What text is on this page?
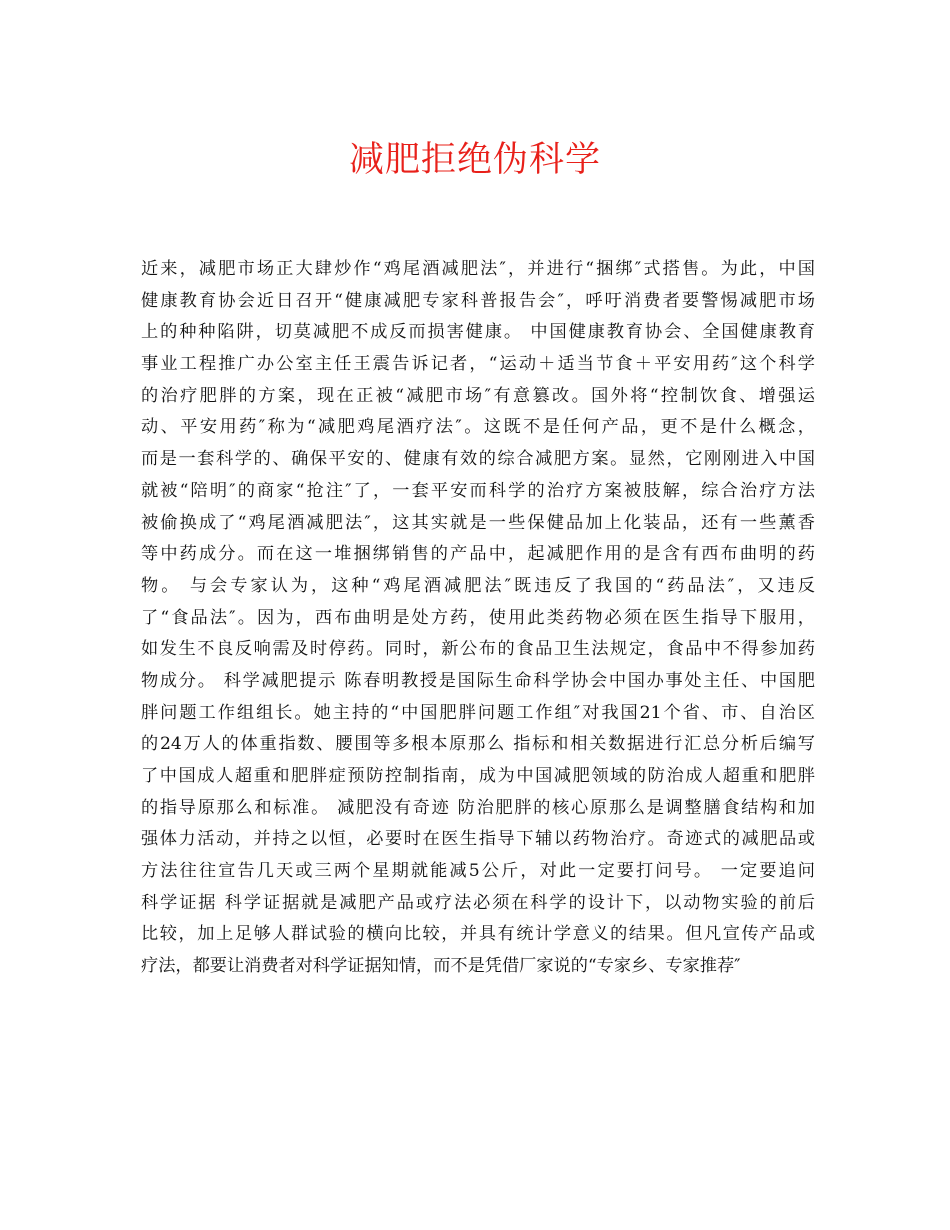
减肥拒绝伪科学
近来，减肥市场正大肆炒作“鸡尾酒减肥法″，并进行“捆绑″式搭售。为此，中国
健康教育协会近日召开“健康减肥专家科普报告会″，呼吁消费者要警惕减肥市场
上的种种陷阱，切莫减肥不成反而损害健康。 中国健康教育协会、全国健康教育
事业工程推广办公室主任王震告诉记者，“运动＋适当节食＋平安用药″这个科学
的治疗肥胖的方案，现在正被“减肥市场″有意篡改。国外将“控制饮食、增强运
动、平安用药″称为“减肥鸡尾酒疗法″。这既不是任何产品，更不是什么概念，
而是一套科学的、确保平安的、健康有效的综合减肥方案。显然，它刚刚进入中国
就被“陪明″的商家“抢注″了，一套平安而科学的治疗方案被肢解，综合治疗方法
被偷换成了“鸡尾酒减肥法″，这其实就是一些保健品加上化装品，还有一些薰香
等中药成分。而在这一堆捆绑销售的产品中，起减肥作用的是含有西布曲明的药
物。 与会专家认为，这种“鸡尾酒减肥法″既违反了我国的“药品法″，又违反
了“食品法″。因为，西布曲明是处方药，使用此类药物必须在医生指导下服用，
如发生不良反响需及时停药。同时，新公布的食品卫生法规定，食品中不得参加药
物成分。 科学减肥提示 陈春明教授是国际生命科学协会中国办事处主任、中国肥
胖问题工作组组长。她主持的“中国肥胖问题工作组″对我国21个省、市、自治区
的24万人的体重指数、腰围等多根本原那么 指标和相关数据进行汇总分析后编写
了中国成人超重和肥胖症预防控制指南，成为中国减肥领域的防治成人超重和肥胖
的指导原那么和标准。 减肥没有奇迹 防治肥胖的核心原那么是调整膳食结构和加
强体力活动，并持之以恒，必要时在医生指导下辅以药物治疗。奇迹式的减肥品或
方法往往宣告几天或三两个星期就能减5公斤，对此一定要打问号。 一定要追问
科学证据 科学证据就是减肥产品或疗法必须在科学的设计下，以动物实验的前后
比较，加上足够人群试验的横向比较，并具有统计学意义的结果。但凡宣传产品或
疗法，都要让消费者对科学证据知情，而不是凭借厂家说的“专家乡、专家推荐″
